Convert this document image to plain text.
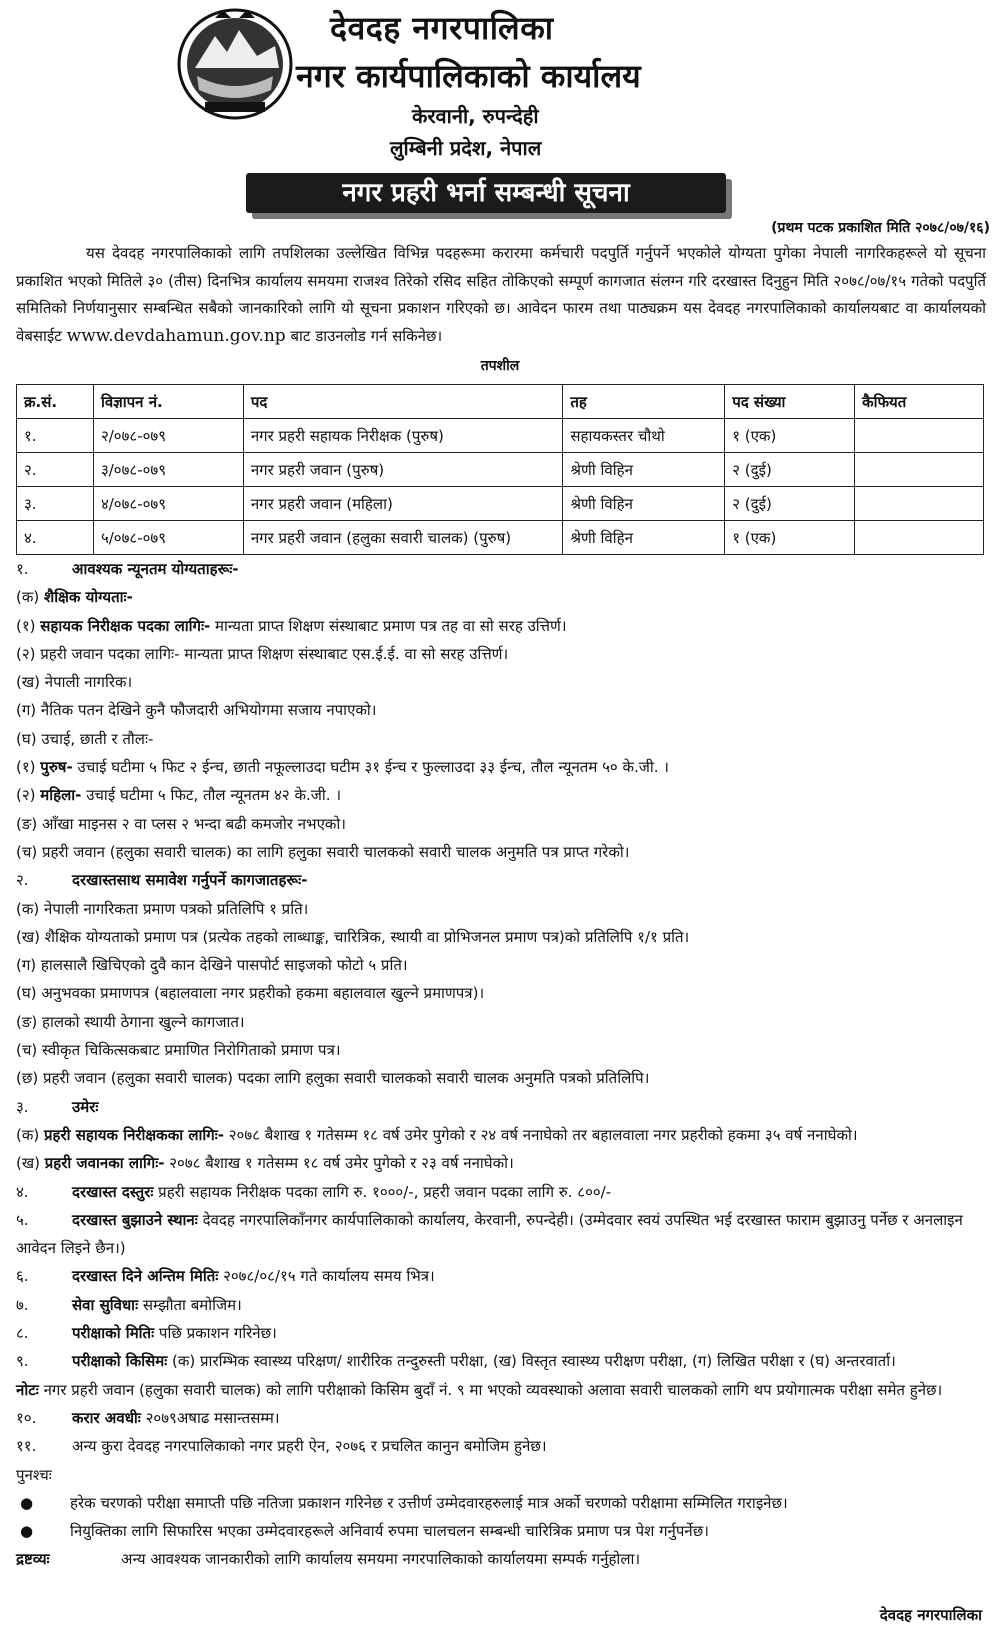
देवदह नगरपालिका
नगर कार्यपालिकाको कार्यालय
केरवानी, रुपन्देही
लुम्बिनी प्रदेश, नेपाल
नगर प्रहरी भर्ना सम्बन्धी सूचना
(प्रथम पटक प्रकाशित मिति २०७८/०७/१६)
यस देवदह नगरपालिकाको लागि तपशिलका उल्लेखित विभिन्न पदहरूमा करारमा कर्मचारी पदपुर्ति गर्नुपर्ने भएकोले योग्यता पुगेका नेपाली नागरिकहरूले यो सूचना प्रकाशित भएको मितिले ३० (तीस) दिनभित्र कार्यालय समयमा राजश्व तिरेको रसिद सहित तोकिएको सम्पूर्ण कागजात संलग्न गरि दरखास्त दिनुहुन मिति २०७८/०७/१५ गतेको पदपुर्ति समितिको निर्णयानुसार सम्बन्धित सबैको जानकारिको लागि यो सूचना प्रकाशन गरिएको छ। आवेदन फारम तथा पाठ्यक्रम यस देवदह नगरपालिकाको कार्यालयबाट वा कार्यालयको वेबसाईट www.devdahamun.gov.np बाट डाउनलोड गर्न सकिनेछ।
तपशील
क्र.सं.	विज्ञापन नं.	पद	तह	पद संख्या	कैफियत
१.	२/०७८-०७९	नगर प्रहरी सहायक निरीक्षक (पुरुष)	सहायकस्तर चौथो	१ (एक)	
२.	३/०७८-०७९	नगर प्रहरी जवान (पुरुष)	श्रेणी विहिन	२ (दुई)	
३.	४/०७८-०७९	नगर प्रहरी जवान (महिला)	श्रेणी विहिन	२ (दुई)	
४.	५/०७८-०७९	नगर प्रहरी जवान (हलुका सवारी चालक) (पुरुष)	श्रेणी विहिन	१ (एक)	
१.	आवश्यक न्यूनतम योग्यताहरूः-
(क) शैक्षिक योग्यताः-
(१) सहायक निरीक्षक पदका लागिः- मान्यता प्राप्त शिक्षण संस्थाबाट प्रमाण पत्र तह वा सो सरह उत्तिर्ण।
(२) प्रहरी जवान पदका लागिः- मान्यता प्राप्त शिक्षण संस्थाबाट एस.ई.ई. वा सो सरह उत्तिर्ण।
(ख) नेपाली नागरिक।
(ग) नैतिक पतन देखिने कुनै फौजदारी अभियोगमा सजाय नपाएको।
(घ) उचाई, छाती र तौलः-
(१) पुरुष- उचाई घटीमा ५ फिट २ ईन्च, छाती नफूल्लाउदा घटीम ३१ ईन्च र फुल्लाउदा ३३ ईन्च, तौल न्यूनतम ५० के.जी. ।
(२) महिला- उचाई घटीमा ५ फिट, तौल न्यूनतम ४२ के.जी. ।
(ङ) आँखा माइनस २ वा प्लस २ भन्दा बढी कमजोर नभएको।
(च) प्रहरी जवान (हलुका सवारी चालक) का लागि हलुका सवारी चालकको सवारी चालक अनुमति पत्र प्राप्त गरेको।
२.	दरखास्तसाथ समावेश गर्नुपर्ने कागजातहरूः-
(क) नेपाली नागरिकता प्रमाण पत्रको प्रतिलिपि १ प्रति।
(ख) शैक्षिक योग्यताको प्रमाण पत्र (प्रत्येक तहको लाब्धाङ्क, चारित्रिक, स्थायी वा प्रोभिजनल प्रमाण पत्र)को प्रतिलिपि १/१ प्रति।
(ग) हालसालै खिचिएको दुवै कान देखिने पासपोर्ट साइजको फोटो ५ प्रति।
(घ) अनुभवका प्रमाणपत्र (बहालवाला नगर प्रहरीको हकमा बहालवाल खुल्ने प्रमाणपत्र)।
(ङ) हालको स्थायी ठेगाना खुल्ने कागजात।
(च) स्वीकृत चिकित्सकबाट प्रमाणित निरोगिताको प्रमाण पत्र।
(छ) प्रहरी जवान (हलुका सवारी चालक) पदका लागि हलुका सवारी चालकको सवारी चालक अनुमति पत्रको प्रतिलिपि।
३.	उमेरः
(क) प्रहरी सहायक निरीक्षकका लागिः- २०७८ बैशाख १ गतेसम्म १८ वर्ष उमेर पुगेको र २४ वर्ष ननाघेको तर बहालवाला नगर प्रहरीको हकमा ३५ वर्ष ननाघेको।
(ख) प्रहरी जवानका लागिः- २०७८ बैशाख १ गतेसम्म १८ वर्ष उमेर पुगेको र २३ वर्ष ननाघेको।
४.	दरखास्त दस्तुरः प्रहरी सहायक निरीक्षक पदका लागि रु. १०००/-, प्रहरी जवान पदका लागि रु. ८००/-
५.	दरखास्त बुझाउने स्थानः देवदह नगरपालिकाँनगर कार्यपालिकाको कार्यालय, केरवानी, रुपन्देही। (उम्मेदवार स्वयं उपस्थित भई दरखास्त फाराम बुझाउनु पर्नेछ र अनलाइन आवेदन लिइने छैन।)
६.	दरखास्त दिने अन्तिम मितिः २०७८/०८/१५ गते कार्यालय समय भित्र।
७.	सेवा सुविधाः सम्झौता बमोजिम।
८.	परीक्षाको मितिः पछि प्रकाशन गरिनेछ।
९.	परीक्षाको किसिमः (क) प्रारम्भिक स्वास्थ्य परिक्षण/ शारीरिक तन्दुरुस्ती परीक्षा, (ख) विस्तृत स्वास्थ्य परीक्षण परीक्षा, (ग) लिखित परीक्षा र (घ) अन्तरवार्ता।
नोटः नगर प्रहरी जवान (हलुका सवारी चालक) को लागि परीक्षाको किसिम बुदाँ नं. ९ मा भएको व्यवस्थाको अलावा सवारी चालकको लागि थप प्रयोगात्मक परीक्षा समेत हुनेछ।
१०. करार अवधीः २०७९अषाढ मसान्तसम्म।
११. अन्य कुरा देवदह नगरपालिकाको नगर प्रहरी ऐन, २०७६ र प्रचलित कानुन बमोजिम हुनेछ।
पुनश्चः
● हरेक चरणको परीक्षा समाप्ती पछि नतिजा प्रकाशन गरिनेछ र उत्तीर्ण उम्मेदवारहरुलाई मात्र अर्को चरणको परीक्षामा सम्मिलित गराइनेछ।
● नियुक्तिका लागि सिफारिस भएका उम्मेदवारहरूले अनिवार्य रुपमा चालचलन सम्बन्धी चारित्रिक प्रमाण पत्र पेश गर्नुपर्नेछ।
द्रष्टव्यः	अन्य आवश्यक जानकारीको लागि कार्यालय समयमा नगरपालिकाको कार्यालयमा सम्पर्क गर्नुहोला।
देवदह नगरपालिका
